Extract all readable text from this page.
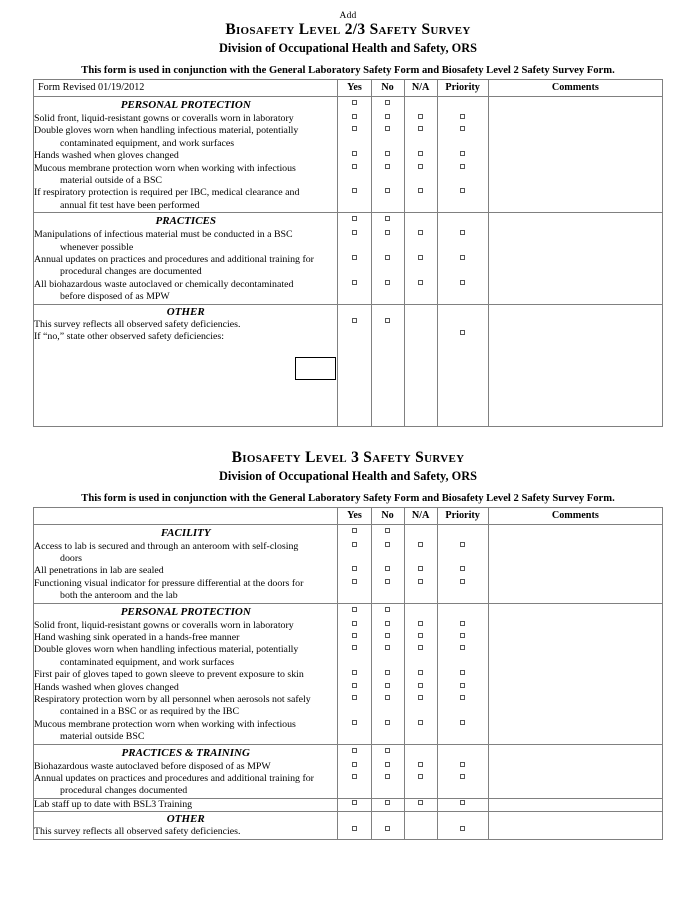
Add
Biosafety Level 2/3 Safety Survey
Division of Occupational Health and Safety, ORS
This form is used in conjunction with the General Laboratory Safety Form and Biosafety Level 2 Safety Survey Form.
Form Revised 01/19/2012	Yes	No	N/A	Priority	Comments
PERSONAL PROTECTION	

Solid front, liquid-resistant gowns or coveralls worn in laboratory					

Double gloves worn when handling infectious material, potentially
contaminated equipment, and work surfaces					

Hands washed when gloves changed					

Mucous membrane protection worn when working with infectious
material outside of a BSC					

If respiratory protection is required per IBC, medical clearance and
annual fit test have been performed					

PRACTICES	

Manipulations of infectious material must be conducted in a BSC
whenever possible					

Annual updates on practices and procedures and additional training for
procedural changes are documented					

All biohazardous waste autoclaved or chemically decontaminated
before disposed of as MPW					

OTHER
This survey reflects all observed safety deficiencies.
If “no,” state other observed safety deficiencies:					

Biosafety Level 3 Safety Survey
Division of Occupational Health and Safety, ORS
This form is used in conjunction with the General Laboratory Safety Form and Biosafety Level 2 Safety Survey Form.
	Yes	No	N/A	Priority	Comments
FACILITY	

Access to lab is secured and through an anteroom with self-closing
doors					

All penetrations in lab are sealed					

Functioning visual indicator for pressure differential at the doors for
both the anteroom and the lab					

PERSONAL PROTECTION	

Solid front, liquid-resistant gowns or coveralls worn in laboratory					

Hand washing sink operated in a hands-free manner					

Double gloves worn when handling infectious material, potentially
contaminated equipment, and work surfaces					

First pair of gloves taped to gown sleeve to prevent exposure to skin					

Hands washed when gloves changed					

Respiratory protection worn by all personnel when aerosols not safely
contained in a BSC or as required by the IBC					

Mucous membrane protection worn when working with infectious
material outside BSC					

PRACTICES & TRAINING	

Biohazardous waste autoclaved before disposed of as MPW					

Annual updates on practices and procedures and additional training for
procedural changes documented					

Lab staff up to date with BSL3 Training					

OTHER
This survey reflects all observed safety deficiencies.					
